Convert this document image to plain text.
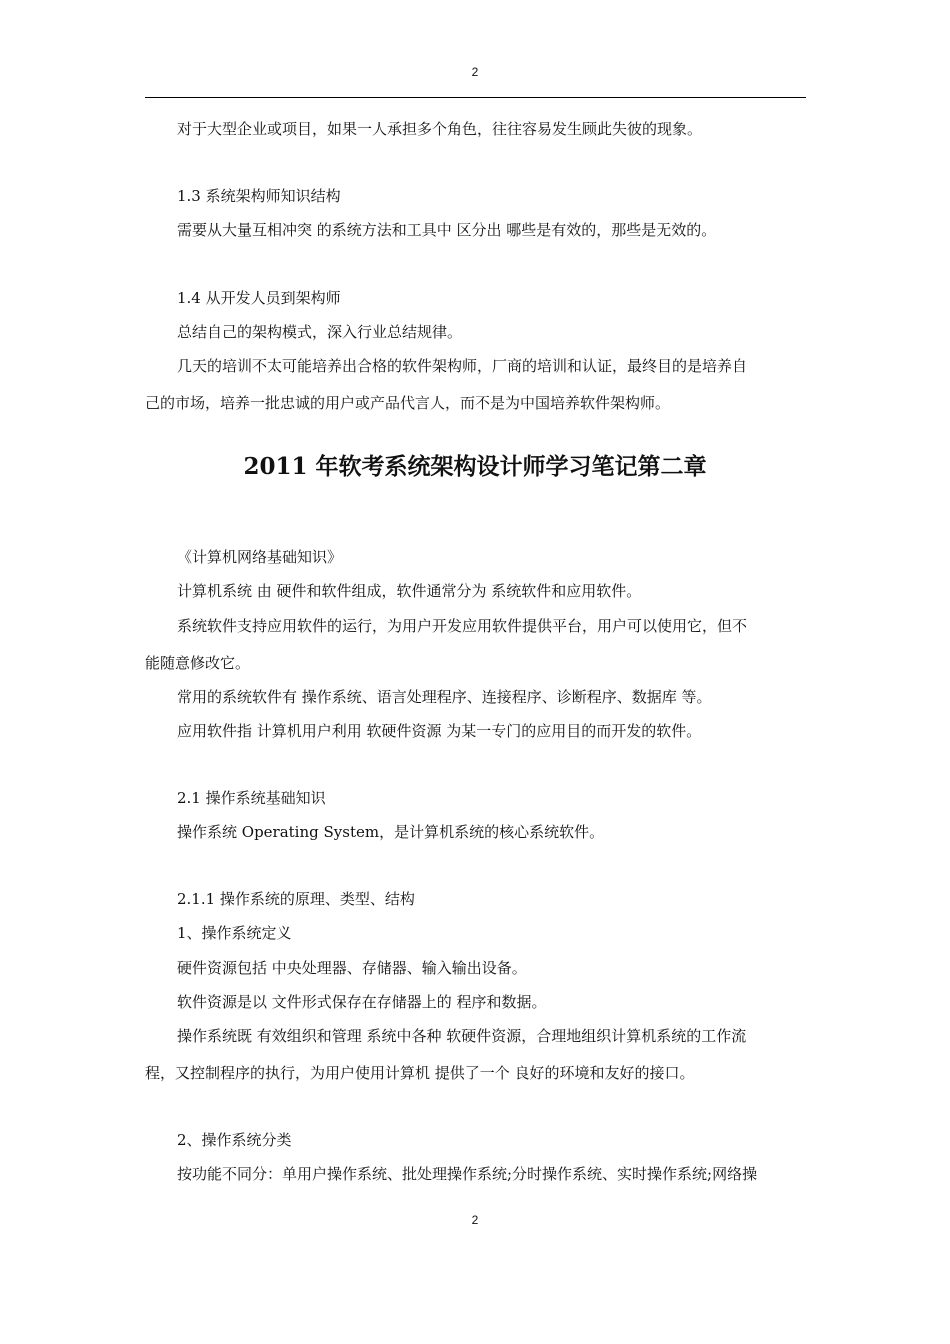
2

对于大型企业或项目，如果一人承担多个角色，往往容易发生顾此失彼的现象。

1.3 系统架构师知识结构

需要从大量互相冲突 的系统方法和工具中 区分出 哪些是有效的，那些是无效的。

1.4 从开发人员到架构师

总结自己的架构模式，深入行业总结规律。

几天的培训不太可能培养出合格的软件架构师，厂商的培训和认证，最终目的是培养自

己的市场，培养一批忠诚的用户或产品代言人，而不是为中国培养软件架构师。

2011 年软考系统架构设计师学习笔记第二章

《计算机网络基础知识》

计算机系统 由 硬件和软件组成，软件通常分为 系统软件和应用软件。

系统软件支持应用软件的运行，为用户开发应用软件提供平台，用户可以使用它，但不

能随意修改它。

常用的系统软件有 操作系统、语言处理程序、连接程序、诊断程序、数据库 等。

应用软件指 计算机用户利用 软硬件资源 为某一专门的应用目的而开发的软件。

2.1 操作系统基础知识

操作系统 Operating System，是计算机系统的核心系统软件。

2.1.1 操作系统的原理、类型、结构

1、操作系统定义

硬件资源包括 中央处理器、存储器、输入输出设备。

软件资源是以 文件形式保存在存储器上的 程序和数据。

操作系统既 有效组织和管理 系统中各种 软硬件资源，合理地组织计算机系统的工作流

程，又控制程序的执行，为用户使用计算机 提供了一个 良好的环境和友好的接口。

2、操作系统分类

按功能不同分：单用户操作系统、批处理操作系统;分时操作系统、实时操作系统;网络操

2
